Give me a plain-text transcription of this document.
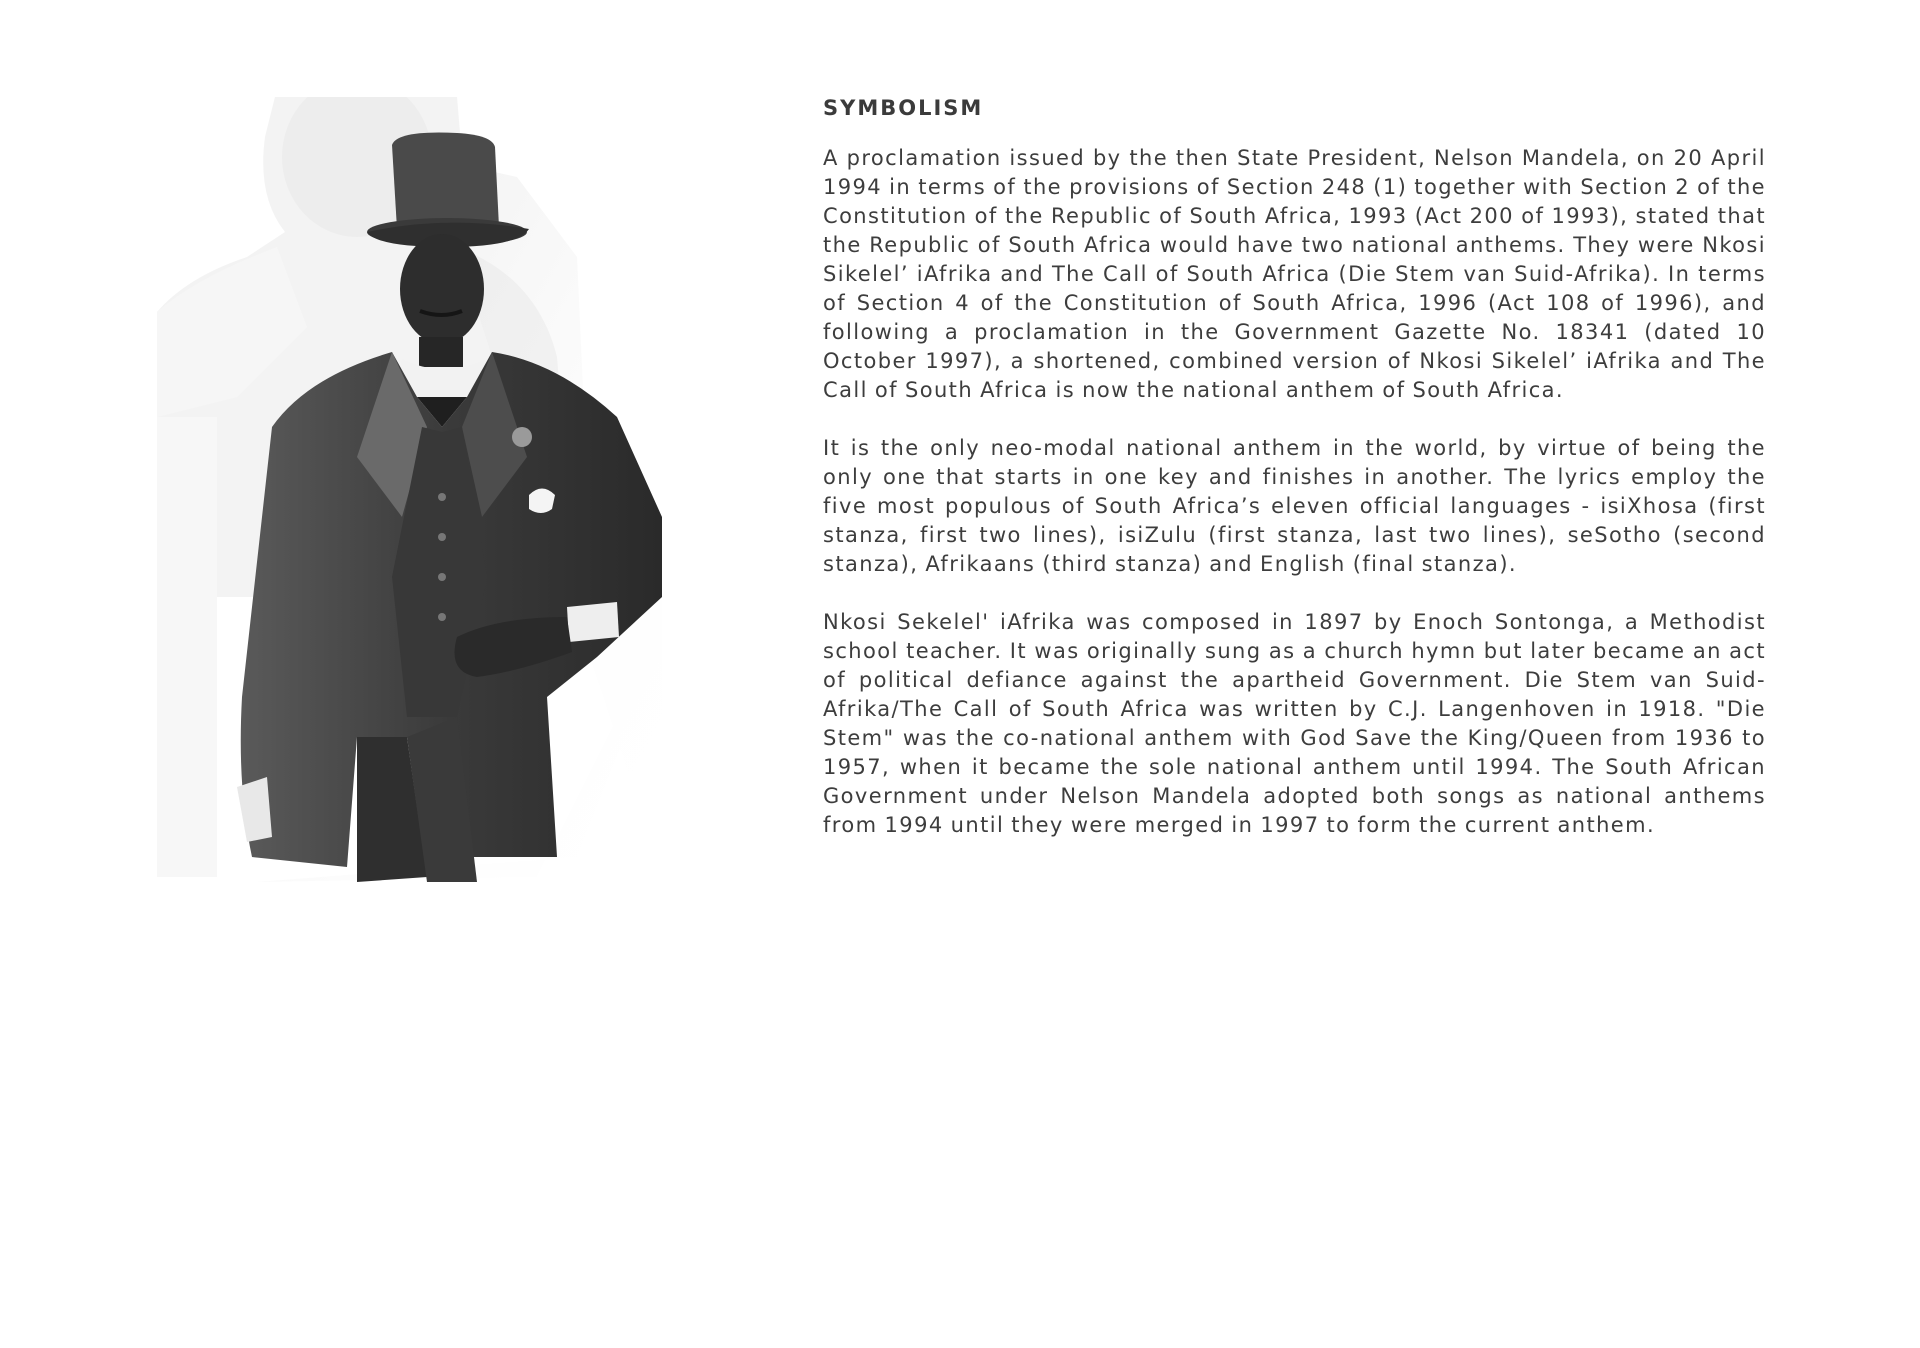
SYMBOLISM

A proclamation issued by the then State President, Nelson Mandela, on 20 April 1994 in terms of the provisions of Section 248 (1) together with Section 2 of the Constitution of the Republic of South Africa, 1993 (Act 200 of 1993), stated that the Republic of South Africa would have two national anthems. They were Nkosi Sikelel’ iAfrika and The Call of South Africa (Die Stem van Suid-Afrika). In terms of Section 4 of the Constitution of South Africa, 1996 (Act 108 of 1996), and following a proclamation in the Government Gazette No. 18341 (dated 10 October 1997), a shortened, combined version of Nkosi Sikelel’ iAfrika and The Call of South Africa is now the national anthem of South Africa.

It is the only neo-modal national anthem in the world, by virtue of being the only one that starts in one key and finishes in another. The lyrics employ the five most populous of South Africa’s eleven official languages - isiXhosa (first stanza, first two lines), isiZulu (first stanza, last two lines), seSotho (second stanza), Afrikaans (third stanza) and English (final stanza).

Nkosi Sekelel' iAfrika was composed in 1897 by Enoch Sontonga, a Methodist school teacher. It was originally sung as a church hymn but later became an act of political defiance against the apartheid Government. Die Stem van Suid-Afrika/The Call of South Africa was written by C.J. Langenhoven in 1918. "Die Stem" was the co-national anthem with God Save the King/Queen from 1936 to 1957, when it became the sole national anthem until 1994. The South African Government under Nelson Mandela adopted both songs as national anthems from 1994 until they were merged in 1997 to form the current anthem.
